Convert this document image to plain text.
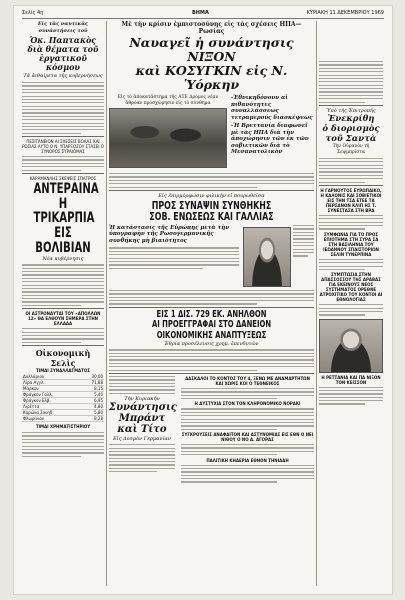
Σελίς 4η	ΒΗΜΑ	ΚΥΡΙΑΚΗ 11 ΔΕΚΕΜΒΡΙΟΥ 1969
Εἰς τὰς ναυτικὰς συνάντήσεις τοῦ
Ὁκ. Παπτακὸς διὰ θέματα τοῦ ἐργατικοῦ κόσμου
Τὰ ἀιθαίρετα τῆς κυβερνήσεως
ΠΕΣΙΤΑΝΕΙΟΝ ΑΙ ΣΧΕΣΕΙΣ ΒΟΛΑΣ ΚΑΙ ΡΩΣΙΑΣ ΑΥΤΟ Ο Ν. ΥΠΑΡΞΟΣΟΥ ΣΤΑΣΕΙ Ο ΣΥΝΟΡΟΣ ΣΥΡΑΙΟΜΑΣ
ΚΑΡΑΜΑΝΛΗΣ ΣΚΕΨΕΙΣ ΣΠΑΤΡΟΣ
ΑΝΤΕΡΑΙΝΑ Η ΤΡΙΚΑΡΠΙΑ ΕΙΣ ΒΟΛΙΒΙΑΝ
Νέα κυβέρνησις
ΟΙ ΑΣΤΡΟΝΑΥΤΑΙ ΤΟΥ «ΑΠΟΛΛΩΝ 12» ΘΑ ΕΛΘΟΥΝ ΣΗΜΕΡΑ ΣΤΗΝ ΕΛΛΑΔΑ
Οἰκονομικὴ Σελὶς
ΤΙΜΑΙ ΣΥΝΑΛΛΑΓΜΑΤΟΣ
Δολλάριον	30,00
Λίρα Αγγλ.	71,88
Μάρκον	8,15
Φράγκον Γαλλ.	5,40
Φράγκον Ελβ.	6,95
Λιρέττα	4,80
Κορώνα Σουηδ.	5,80
Φλωρίνιον	8,28
ΤΙΜΑΙ ΧΡΗΜΑΤΙΣΤΗΡΙΟΥ
Μὲ τὴν κρίσιν ἐμπιστοσύνης εἰς τὰς σχέσεις ΗΠΑ—Ρωσίας
Ναυαγεῖ ἡ συνάντησις ΝΙΞΟΝ
καὶ ΚΟΣΥΓΚΙΝ εἰς Ν. Ὑόρκην
Εἰς τὸ ἀποκατάστημα τῆς ΑΤΕ Δρόμος νέαν ἀθρόαν προσχώρησιν εἰς τὸ σύνθημα
-Ἐθνικηδόνουν αἱ πιθανότητες συναλλάσσεως τετραμερούς διασκέψεως
-Ἡ Βρεττανία διαφωνεῖ μὲ τὰς ΗΠΑ διὰ τὴν ἀποχώρησιν τῶν ἐκ τῶν σοβιετικῶν διὰ τὸ Μεσανατολικὸν
Εἰς ἐπιρμόρφωσιν φιλικὴν εἰ πουρωθεῖσα
ΠΡΟΣ ΣΥΝΑΨΙΝ ΣΥΝΘΗΚΗΣ
ΣΟΒ. ΕΝΩΣΕΩΣ ΚΑΙ ΓΑΛΛΙΑΣ
Ἡ κατάστασις τῆς Εὐρώπης μετὰ τὴν ὑπογραφὴν τῆς Ρωσογερμανικῆς συνθήκης μὴ βιαιότητος
ΕΙΣ 1 ΔΙΣ. 729 ΕΚ. ΑΝΗΛΘΟΝ
ΑΙ ΠΡΟΕΓΓΡΑΦΑΙ ΣΤΟ ΔΑΝΕΙΟΝ
ΟΙΚΟΝΟΜΙΚΗΣ ΑΝΑΠΤΥΞΕΩΣ
Ἐθρία προσέλευσις χρημ. ἐπενδυτῶν
Τὴν Κυριακήν
Συνάντησις
Μπράντ
καὶ Τίτο
Εἰς Δεσμὸν Γερμανίαν
ΔΑΣΚΑΛΟΙ ΤΟ ΚΟΝΤΟΣ ΤΟΥ 4, ΞΕΝΩ ΜΕ ΑΝΑΜΑΡΤΗΤΩΝ ΚΑΙ ΧΩΡΙΣ ΚΟΙ Ο ΤΕΘΝΕΙΚΟΣ
Η ΔΥΣΤΥΧΙΑ ΣΤΟΝ ΤΟΝ ΚΛΗΡΟΝΟΜΙΚΟ ΝΟΡΑΚΙ
ΣΥΓΚΡΟΥΣΕΙΣ ΑΝΑΦΑΙΤΟΝ ΚΑΙ ΑΣΤΥΝΟΜΙΑΣ ΕΙΣ ΕΘΝ Ο ΝΕΙ ΝΙΘΟΥ Ο ΝΟ Α. ΑΓΟΡΑΣ
ΠΑΛΙΤΙΚΗ ΚΗΔΕΡΙΑ ΕΘΝΟΝ ΤΗΝΙΑΔΗ
Ὑπὸ τῆς Ἐπιτροπῆς
Ἐνεκρίθη
ὁ διορισμὸς
τοῦ Σαντὰ
Τὴν Οὐρανὸν τῆ Σεψμπρίστα
Η ΓΑΡΝΟΥΤΟΣ ΕΥΡΩΠΑΙΚΟ, Η ΚΑΛΟΝΙΣ ΚΑΙ ΣΟΒΙΕΤΙΚΟΙ ΕΙΣ ΤΗΝ ΤΣΑ ΕΤΕΕ ΤΑ ΠΕΡΣΑΝΟΝ ΚΛΙΠ ΗΣ Τ. ΣΥΝΕΣΤΑΣΑ ΣΤΗ ΒΡΑ
ΣΥΜΦΩΝΙΑ ΓΙΑ ΤΟ ΠΡΟΣ ΕΠΙΟΤΗΜΑ ΣΤΗ ΣΥΡΑ ΣΑ ΣΤΗ ΒΑΣΙΛΗΝΙΑ ΤΟΥ ΙΕΩΑΝΝΟΥ ΣΠΑΙΣΤΟΡΙΩΝ ΣΕΛΙΝ ΤΥΝΕΡΠΙΝΑ
ΣΥΜΠΤΩΣΙΑ ΣΤΗΝ ΑΠΑΣΣΟΣΣΟΥ ΤΗΣ ΑΡΑΒΑΣ ΓΙΑ ΕΚΕΙΝΟΥΣ ΝΕΟΣ ΣΥΣΤΗΜΑΤΟΣ ΟΡΕΘΝΕ ΑΤΡΟΧΙΤΙΚΟ ΤΟΥ ΚΟΝΤΟΙ ΑΙ ΕΘΝΟΛΟΓΙΑΣ
Η ΡΕΤΤΑΝΙΑ ΚΑΙ ΠΑ ΝΙΞΟΝ ΤΟΝ ΚΕΙΣΣΟΝ
